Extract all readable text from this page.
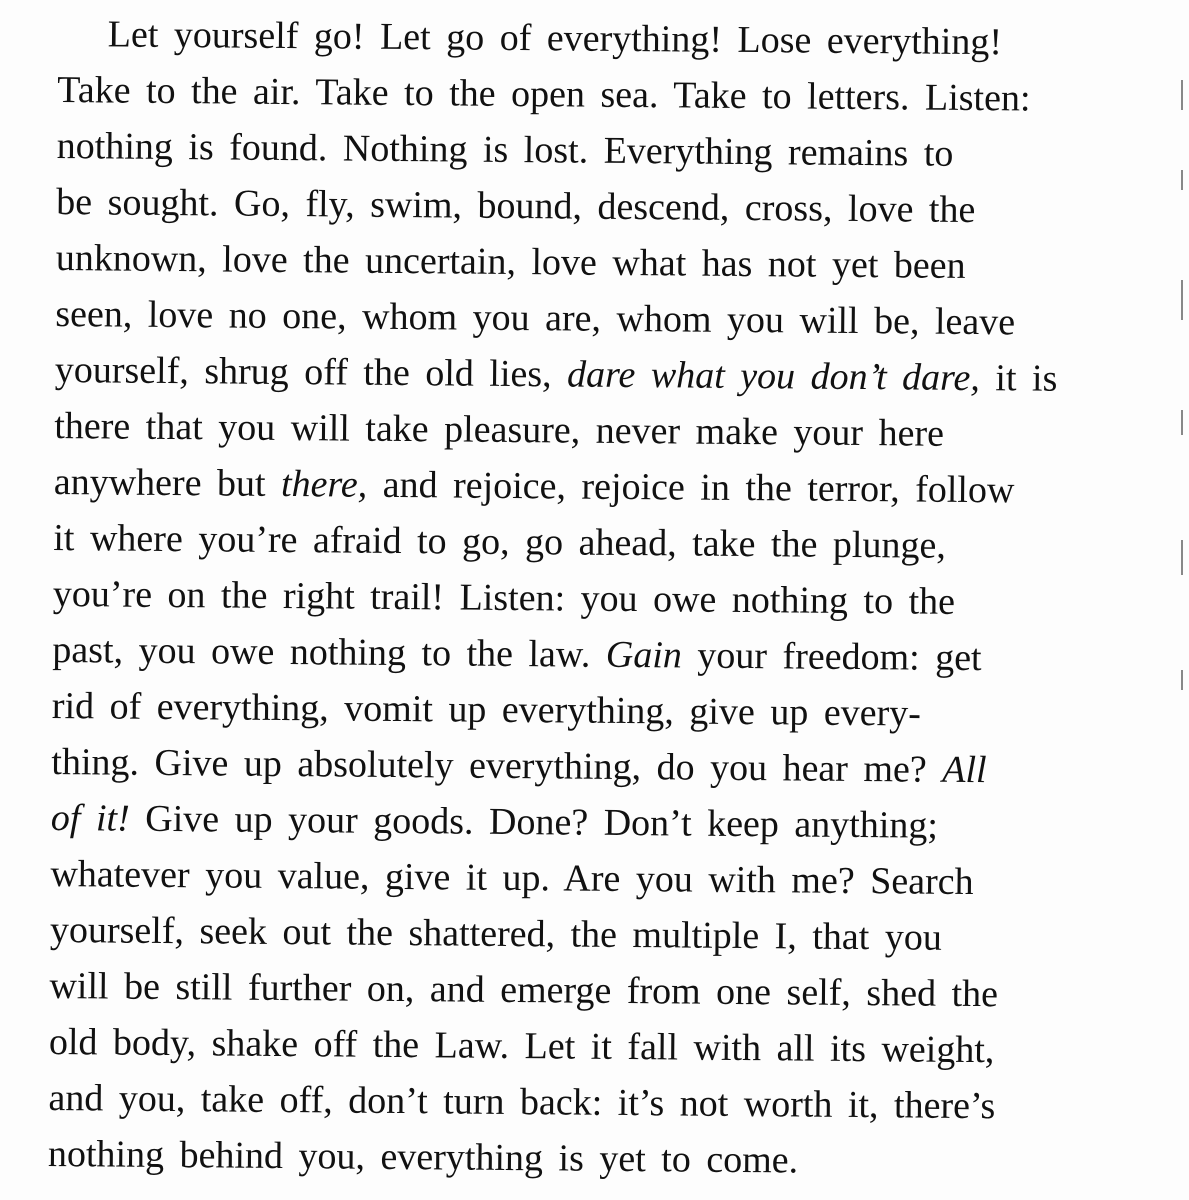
Let yourself go! Let go of everything! Lose everything!
Take to the air. Take to the open sea. Take to letters. Listen:
nothing is found. Nothing is lost. Everything remains to
be sought. Go, fly, swim, bound, descend, cross, love the
unknown, love the uncertain, love what has not yet been
seen, love no one, whom you are, whom you will be, leave
yourself, shrug off the old lies, dare what you don’t dare, it is
there that you will take pleasure, never make your here
anywhere but there, and rejoice, rejoice in the terror, follow
it where you’re afraid to go, go ahead, take the plunge,
you’re on the right trail! Listen: you owe nothing to the
past, you owe nothing to the law. Gain your freedom: get
rid of everything, vomit up everything, give up every-
thing. Give up absolutely everything, do you hear me? All
of it! Give up your goods. Done? Don’t keep anything;
whatever you value, give it up. Are you with me? Search
yourself, seek out the shattered, the multiple I, that you
will be still further on, and emerge from one self, shed the
old body, shake off the Law. Let it fall with all its weight,
and you, take off, don’t turn back: it’s not worth it, there’s
nothing behind you, everything is yet to come.
